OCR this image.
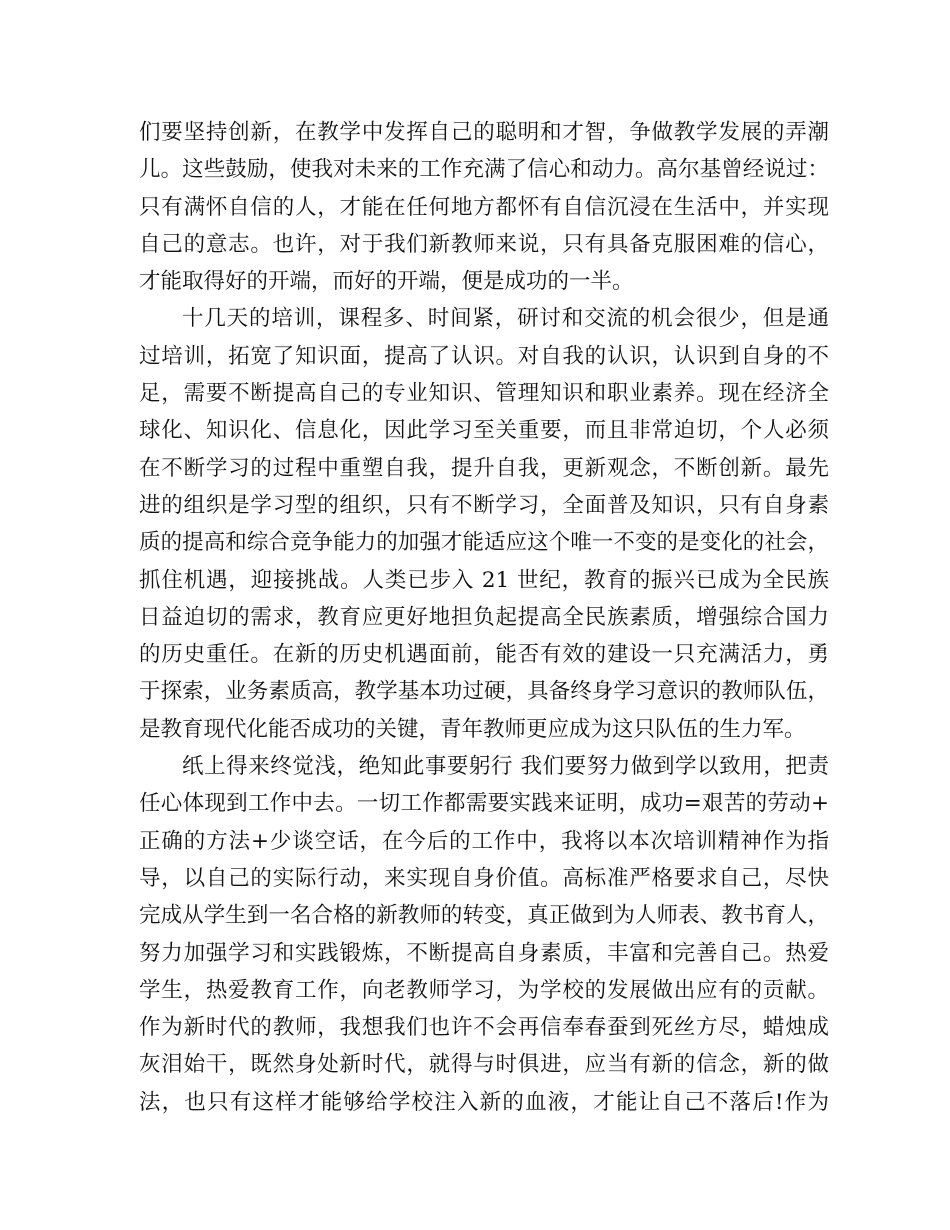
们要坚持创新，在教学中发挥自己的聪明和才智，争做教学发展的弄潮
儿。这些鼓励，使我对未来的工作充满了信心和动力。高尔基曾经说过：
只有满怀自信的人，才能在任何地方都怀有自信沉浸在生活中，并实现
自己的意志。也许，对于我们新教师来说，只有具备克服困难的信心，
才能取得好的开端，而好的开端，便是成功的一半。
十几天的培训，课程多、时间紧，研讨和交流的机会很少，但是通
过培训，拓宽了知识面，提高了认识。对自我的认识，认识到自身的不
足，需要不断提高自己的专业知识、管理知识和职业素养。现在经济全
球化、知识化、信息化，因此学习至关重要，而且非常迫切，个人必须
在不断学习的过程中重塑自我，提升自我，更新观念，不断创新。最先
进的组织是学习型的组织，只有不断学习，全面普及知识，只有自身素
质的提高和综合竞争能力的加强才能适应这个唯一不变的是变化的社会，
抓住机遇，迎接挑战。人类已步入 21 世纪，教育的振兴已成为全民族
日益迫切的需求，教育应更好地担负起提高全民族素质，增强综合国力
的历史重任。在新的历史机遇面前，能否有效的建设一只充满活力，勇
于探索，业务素质高，教学基本功过硬，具备终身学习意识的教师队伍，
是教育现代化能否成功的关键，青年教师更应成为这只队伍的生力军。
纸上得来终觉浅，绝知此事要躬行 我们要努力做到学以致用，把责
任心体现到工作中去。一切工作都需要实践来证明，成功=艰苦的劳动+
正确的方法+少谈空话，在今后的工作中，我将以本次培训精神作为指
导，以自己的实际行动，来实现自身价值。高标准严格要求自己，尽快
完成从学生到一名合格的新教师的转变，真正做到为人师表、教书育人，
努力加强学习和实践锻炼，不断提高自身素质，丰富和完善自己。热爱
学生，热爱教育工作，向老教师学习，为学校的发展做出应有的贡献。
作为新时代的教师，我想我们也许不会再信奉春蚕到死丝方尽，蜡烛成
灰泪始干，既然身处新时代，就得与时俱进，应当有新的信念，新的做
法，也只有这样才能够给学校注入新的血液，才能让自己不落后!作为
